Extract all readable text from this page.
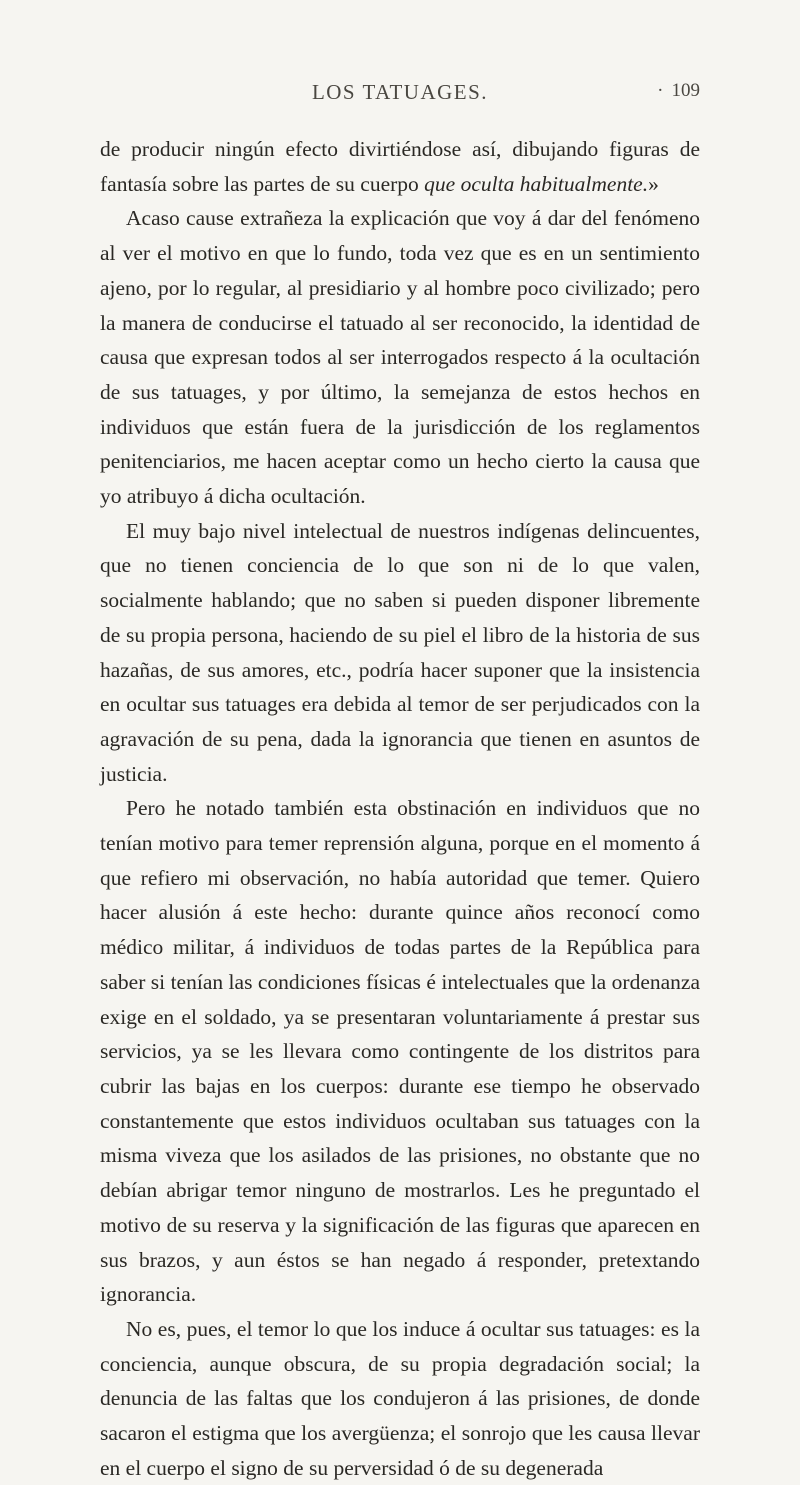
LOS TATUAGES.	· 109

de producir ningún efecto divirtiéndose así, dibujando figuras de fantasía sobre las partes de su cuerpo que oculta habitualmente.»

Acaso cause extrañeza la explicación que voy á dar del fenómeno al ver el motivo en que lo fundo, toda vez que es en un sentimiento ajeno, por lo regular, al presidiario y al hombre poco civilizado; pero la manera de conducirse el tatuado al ser reconocido, la identidad de causa que expresan todos al ser interrogados respecto á la ocultación de sus tatuages, y por último, la semejanza de estos hechos en individuos que están fuera de la jurisdicción de los reglamentos penitenciarios, me hacen aceptar como un hecho cierto la causa que yo atribuyo á dicha ocultación.

El muy bajo nivel intelectual de nuestros indígenas delincuentes, que no tienen conciencia de lo que son ni de lo que valen, socialmente hablando; que no saben si pueden disponer libremente de su propia persona, haciendo de su piel el libro de la historia de sus hazañas, de sus amores, etc., podría hacer suponer que la insistencia en ocultar sus tatuages era debida al temor de ser perjudicados con la agravación de su pena, dada la ignorancia que tienen en asuntos de justicia.

Pero he notado también esta obstinación en individuos que no tenían motivo para temer reprensión alguna, porque en el momento á que refiero mi observación, no había autoridad que temer. Quiero hacer alusión á este hecho: durante quince años reconocí como médico militar, á individuos de todas partes de la República para saber si tenían las condiciones físicas é intelectuales que la ordenanza exige en el soldado, ya se presentaran voluntariamente á prestar sus servicios, ya se les llevara como contingente de los distritos para cubrir las bajas en los cuerpos: durante ese tiempo he observado constantemente que estos individuos ocultaban sus tatuages con la misma viveza que los asilados de las prisiones, no obstante que no debían abrigar temor ninguno de mostrarlos. Les he preguntado el motivo de su reserva y la significación de las figuras que aparecen en sus brazos, y aun éstos se han negado á responder, pretextando ignorancia.

No es, pues, el temor lo que los induce á ocultar sus tatuages: es la conciencia, aunque obscura, de su propia degradación social; la denuncia de las faltas que los condujeron á las prisiones, de donde sacaron el estigma que los avergüenza; el sonrojo que les causa llevar en el cuerpo el signo de su perversidad ó de su degenerada
